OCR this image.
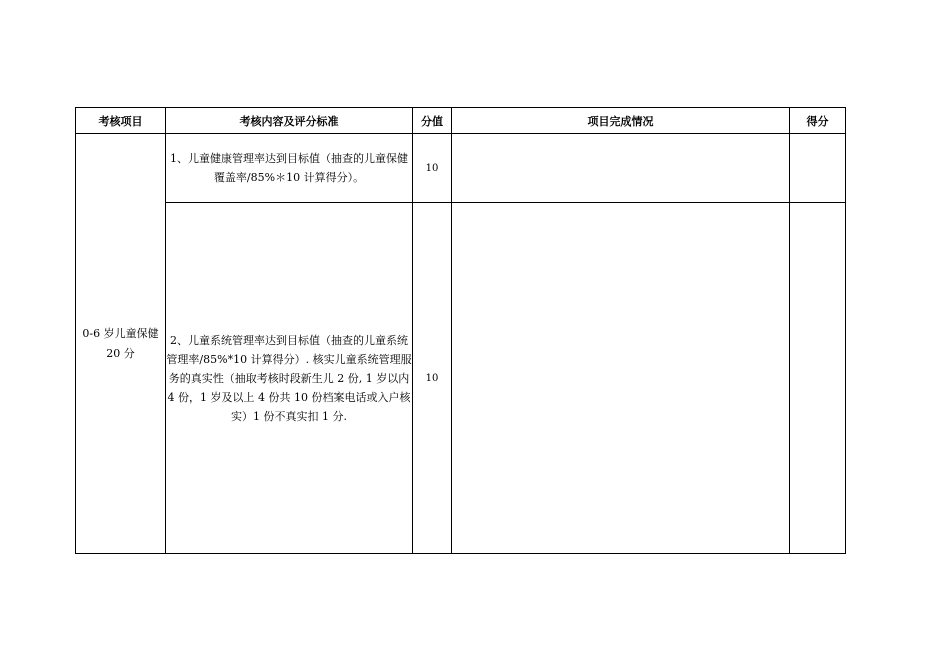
考核项目	考核内容及评分标准	分值	项目完成情况	得分
0-6 岁儿童保健 20 分	1、儿童健康管理率达到目标值（抽查的儿童保健覆盖率/85%＊10 计算得分）。	10		
	2、儿童系统管理率达到目标值（抽查的儿童系统管理率/85%*10 计算得分）. 核实儿童系统管理服务的真实性（抽取考核时段新生儿 2 份, 1 岁以内 4 份，1 岁及以上 4 份共 10 份档案电话或入户核实）1 份不真实扣 1 分.	10		
